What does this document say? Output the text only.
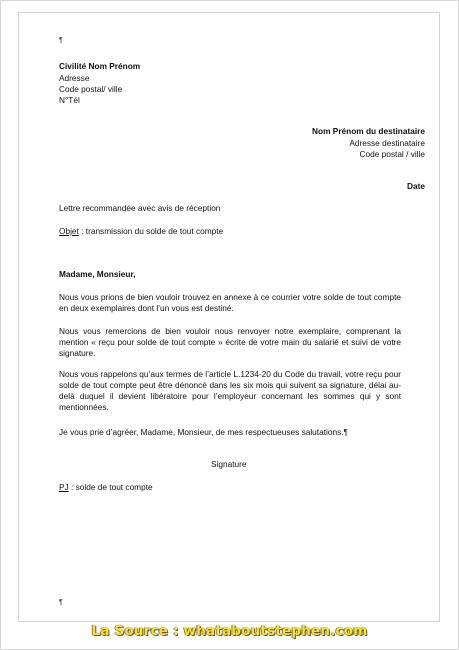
¶
Civilité Nom Prénom
Adresse
Code postal/ ville
N°Tél
Nom Prénom du destinataire
Adresse destinataire
Code postal / ville
Date
Lettre recommandée avec avis de réception
Objet : transmission du solde de tout compte
Madame, Monsieur,
Nous vous prions de bien vouloir trouvez en annexe à ce courrier votre solde de tout compte en deux exemplaires dont l’un vous est destiné.
Nous vous remercions de bien vouloir nous renvoyer notre exemplaire, comprenant la mention « reçu pour solde de tout compte » écrite de votre main du salarié et suivi de votre signature.
Nous vous rappelons qu’aux termes de l’article L.1234-20 du Code du travail, votre reçu pour solde de tout compte peut être dénoncé dans les six mois qui suivent sa signature, délai au-delà duquel il devient libératoire pour l’employeur concernant les sommes qui y sont mentionnées.
Je vous prie d’agréer, Madame, Monsieur, de mes respectueuses salutations.¶
Signature
PJ : solde de tout compte
¶
La Source : whataboutstephen.com
